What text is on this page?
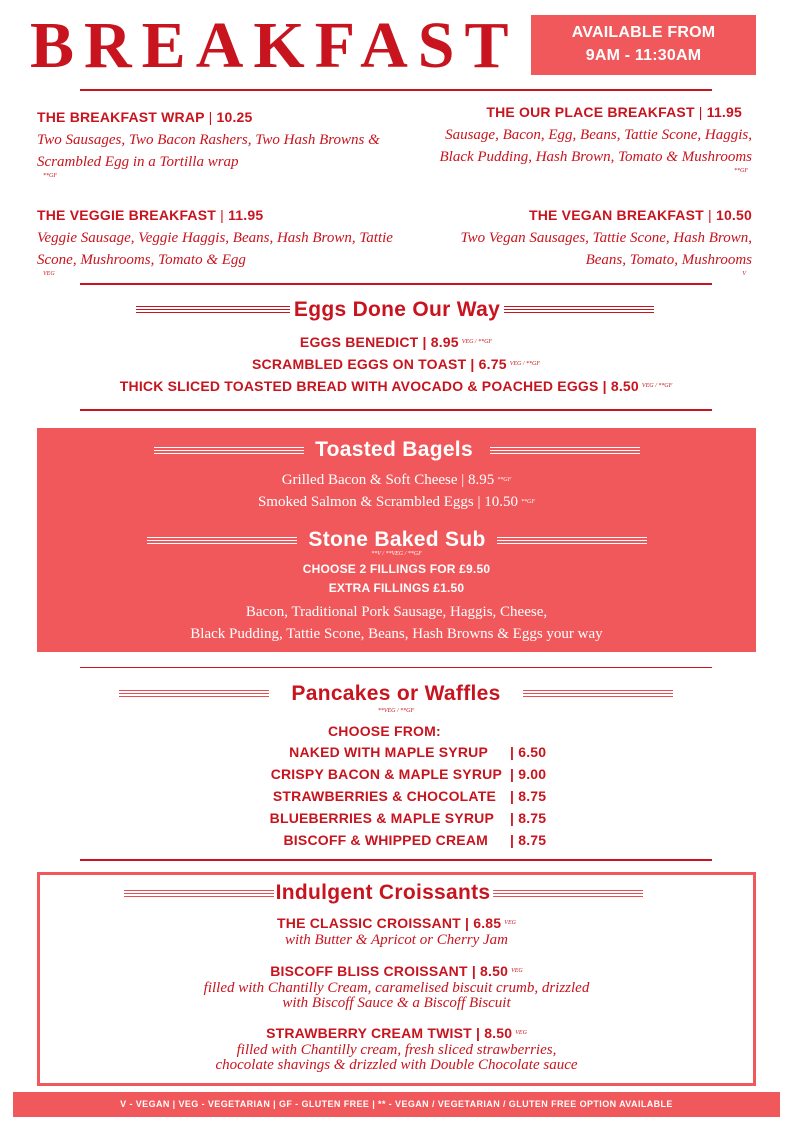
BREAKFAST	AVAILABLE FROM
9AM - 11:30AM
THE BREAKFAST WRAP | 10.25
Two Sausages, Two Bacon Rashers, Two Hash Browns & Scrambled Egg in a Tortilla wrap
**GF
THE OUR PLACE BREAKFAST | 11.95
Sausage, Bacon, Egg, Beans, Tattie Scone, Haggis, Black Pudding, Hash Brown, Tomato & Mushrooms
**GF
THE VEGGIE BREAKFAST | 11.95
Veggie Sausage, Veggie Haggis, Beans, Hash Brown, Tattie Scone, Mushrooms, Tomato & Egg
VEG
THE VEGAN BREAKFAST | 10.50
Two Vegan Sausages, Tattie Scone, Hash Brown, Beans, Tomato, Mushrooms
V
Eggs Done Our Way
EGGS BENEDICT | 8.95 $^{VEG / **GF}$
SCRAMBLED EGGS ON TOAST | 6.75 $^{VEG / **GF}$
THICK SLICED TOASTED BREAD WITH AVOCADO & POACHED EGGS | 8.50 $^{VEG / **GF}$
Toasted Bagels
Grilled Bacon & Soft Cheese | 8.95 $^{**GF}$
Smoked Salmon & Scrambled Eggs | 10.50 $^{**GF}$
Stone Baked Sub
**V / **VEG / **GF
CHOOSE 2 FILLINGS FOR £9.50
EXTRA FILLINGS £1.50
Bacon, Traditional Pork Sausage, Haggis, Cheese,
Black Pudding, Tattie Scone, Beans, Hash Browns & Eggs your way
Pancakes or Waffles
**VEG / **GF
CHOOSE FROM:
NAKED WITH MAPLE SYRUP | 6.50
CRISPY BACON & MAPLE SYRUP | 9.00
STRAWBERRIES & CHOCOLATE | 8.75
BLUEBERRIES & MAPLE SYRUP | 8.75
BISCOFF & WHIPPED CREAM | 8.75
Indulgent Croissants
THE CLASSIC CROISSANT | 6.85 $^{VEG}$
with Butter & Apricot or Cherry Jam
BISCOFF BLISS CROISSANT | 8.50 $^{VEG}$
filled with Chantilly Cream, caramelised biscuit crumb, drizzled
with Biscoff Sauce & a Biscoff Biscuit
STRAWBERRY CREAM TWIST | 8.50 $^{VEG}$
filled with Chantilly cream, fresh sliced strawberries,
chocolate shavings & drizzled with Double Chocolate sauce
V - VEGAN | VEG - VEGETARIAN | GF - GLUTEN FREE | ** - VEGAN / VEGETARIAN / GLUTEN FREE OPTION AVAILABLE
